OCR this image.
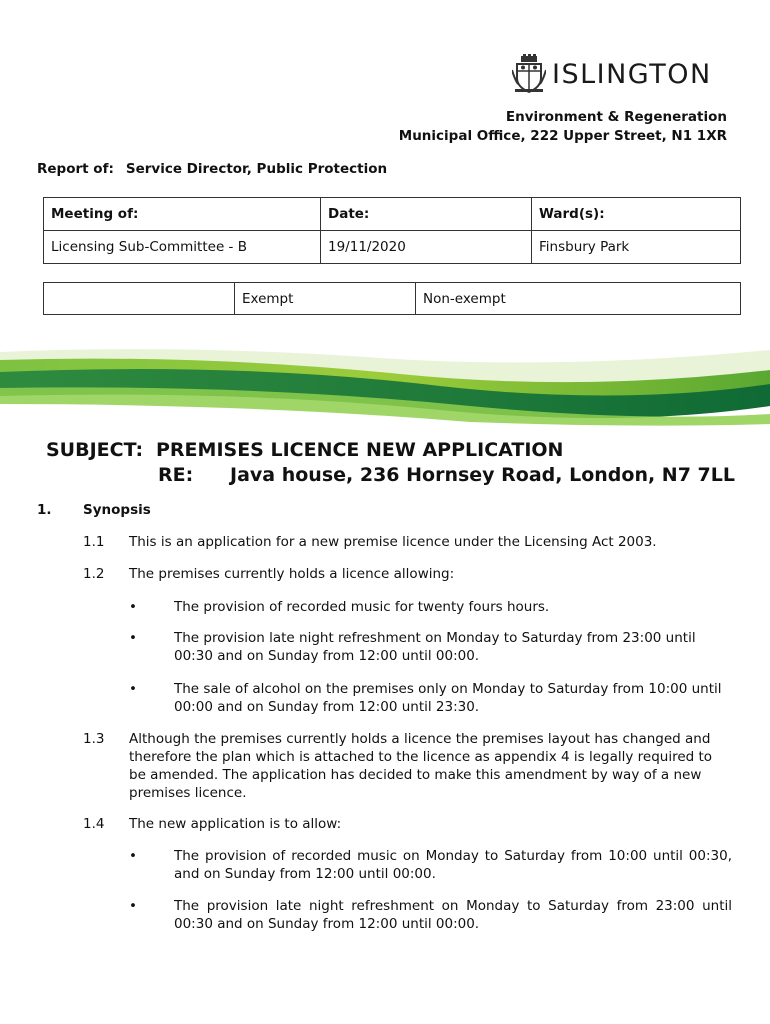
ISLINGTON
Environment & Regeneration
Municipal Office, 222 Upper Street, N1 1XR
Report of: Service Director, Public Protection
Meeting of:	Date:	Ward(s):
Licensing Sub-Committee - B	19/11/2020	Finsbury Park
	Exempt	Non-exempt
SUBJECT: PREMISES LICENCE NEW APPLICATION
RE: Java house, 236 Hornsey Road, London, N7 7LL
1. Synopsis
1.1 This is an application for a new premise licence under the Licensing Act 2003.
1.2 The premises currently holds a licence allowing:
•	The provision of recorded music for twenty fours hours.
•	The provision late night refreshment on Monday to Saturday from 23:00 until 00:30 and on Sunday from 12:00 until 00:00.
•	The sale of alcohol on the premises only on Monday to Saturday from 10:00 until 00:00 and on Sunday from 12:00 until 23:30.
1.3 Although the premises currently holds a licence the premises layout has changed and therefore the plan which is attached to the licence as appendix 4 is legally required to be amended. The application has decided to make this amendment by way of a new premises licence.
1.4 The new application is to allow:
•	The provision of recorded music on Monday to Saturday from 10:00 until 00:30, and on Sunday from 12:00 until 00:00.
•	The provision late night refreshment on Monday to Saturday from 23:00 until 00:30 and on Sunday from 12:00 until 00:00.
